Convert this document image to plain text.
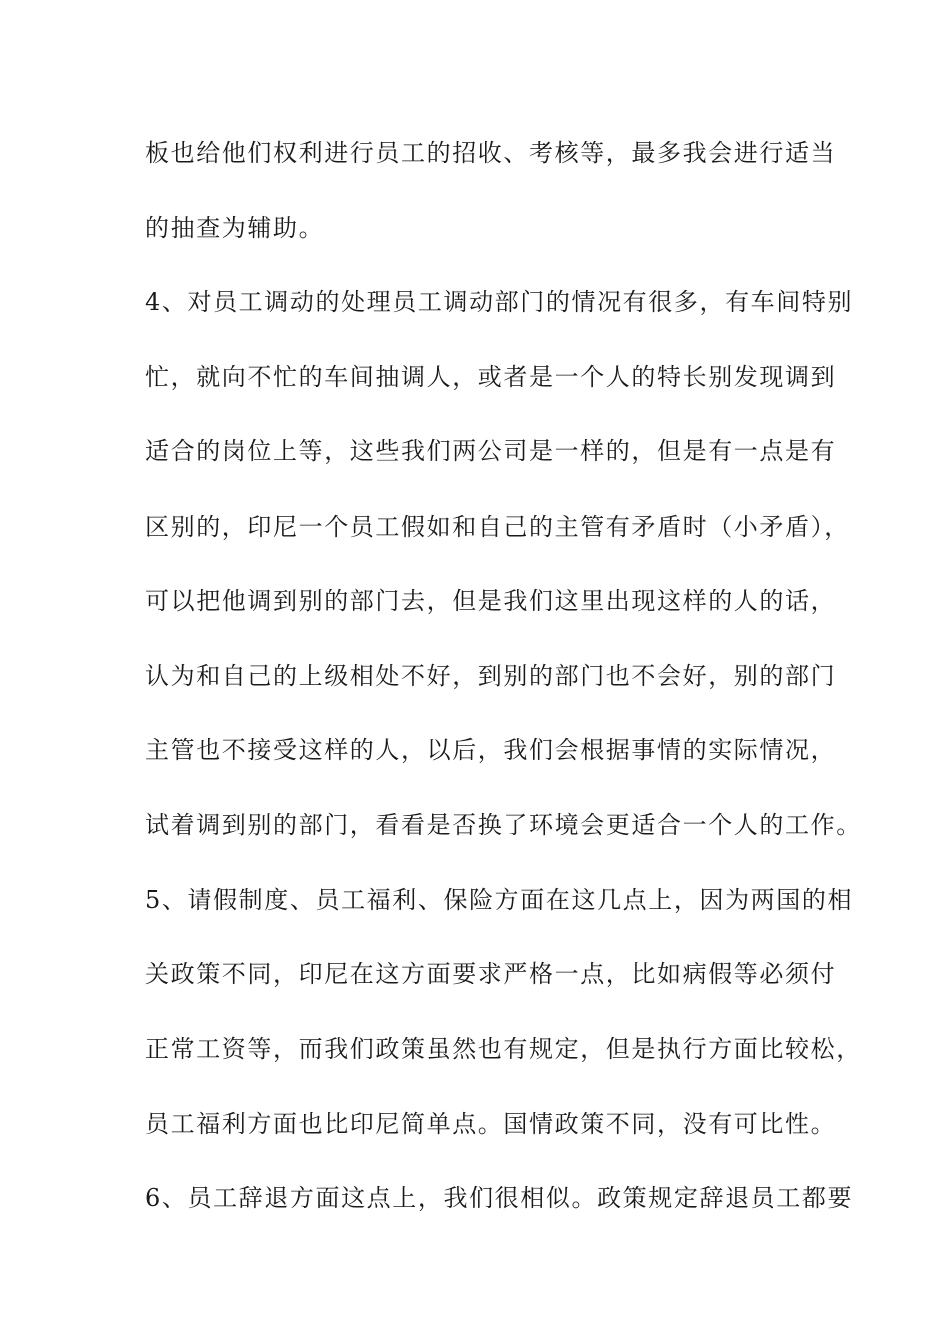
板也给他们权利进行员工的招收、考核等，最多我会进行适当
的抽查为辅助。
4、对员工调动的处理员工调动部门的情况有很多，有车间特别
忙，就向不忙的车间抽调人，或者是一个人的特长别发现调到
适合的岗位上等，这些我们两公司是一样的，但是有一点是有
区别的，印尼一个员工假如和自己的主管有矛盾时（小矛盾），
可以把他调到别的部门去，但是我们这里出现这样的人的话，
认为和自己的上级相处不好，到别的部门也不会好，别的部门
主管也不接受这样的人，以后，我们会根据事情的实际情况，
试着调到别的部门，看看是否换了环境会更适合一个人的工作。
5、请假制度、员工福利、保险方面在这几点上，因为两国的相
关政策不同，印尼在这方面要求严格一点，比如病假等必须付
正常工资等，而我们政策虽然也有规定，但是执行方面比较松，
员工福利方面也比印尼简单点。国情政策不同，没有可比性。
6、员工辞退方面这点上，我们很相似。政策规定辞退员工都要
